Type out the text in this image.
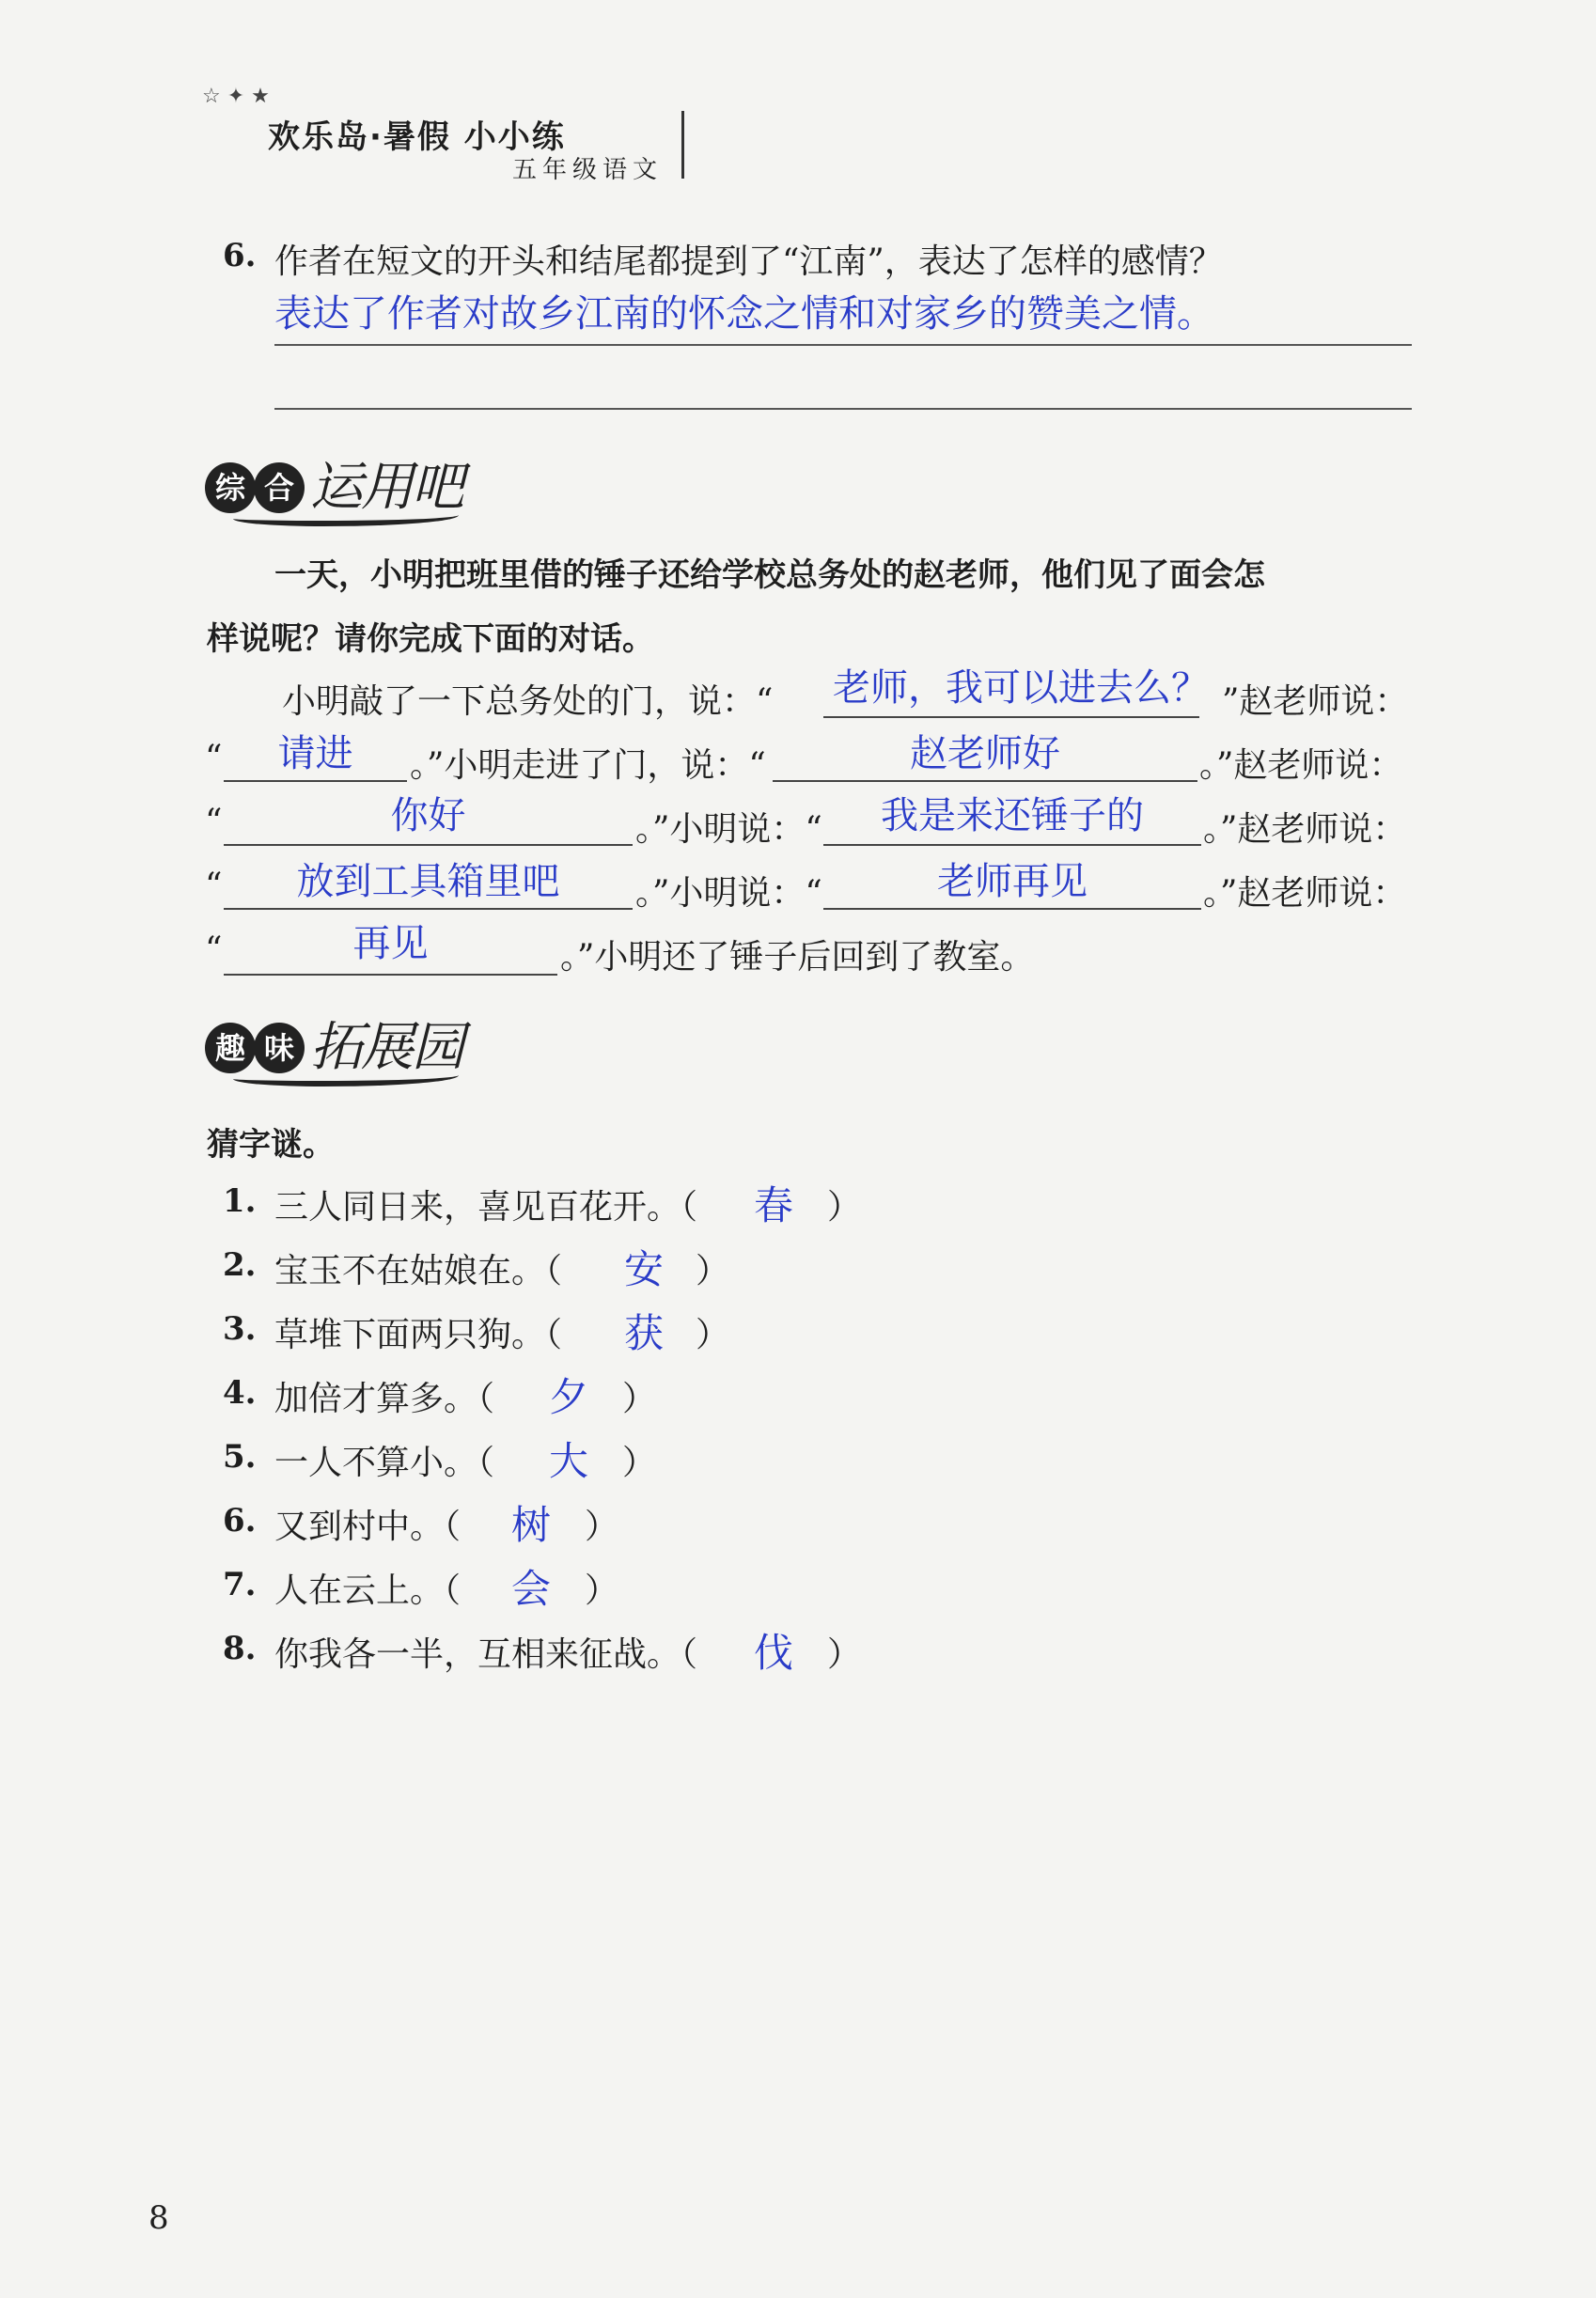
☆ ✦ ★
欢乐岛·暑假 小小练
五年级语文
6. 作者在短文的开头和结尾都提到了“江南”，表达了怎样的感情？
表达了作者对故乡江南的怀念之情和对家乡的赞美之情。
综 合 运用吧
一天，小明把班里借的锤子还给学校总务处的赵老师，他们见了面会怎
样说呢？请你完成下面的对话。
小明敲了一下总务处的门，说：“ 老师，我可以进去么？ ”赵老师说：
“	请进	。”小明走进了门，说：“	赵老师好	。”赵老师说：
“	你好	。”小明说：“	我是来还锤子的	。”赵老师说：
“	放到工具箱里吧	。”小明说：“	老师再见	。”赵老师说：
“	再见	。”小明还了锤子后回到了教室。
趣 味 拓展园
猜字谜。
1. 三人同日来，喜见百花开。（	春	）
2. 宝玉不在姑娘在。（	安 ）
3. 草堆下面两只狗。（	获 ）
4. 加倍才算多。（	夕	）
5. 一人不算小。（	大	）
6. 又到村中。（	树	）
7. 人在云上。（	会	）
8. 你我各一半，互相来征战。（	伐	）
8
